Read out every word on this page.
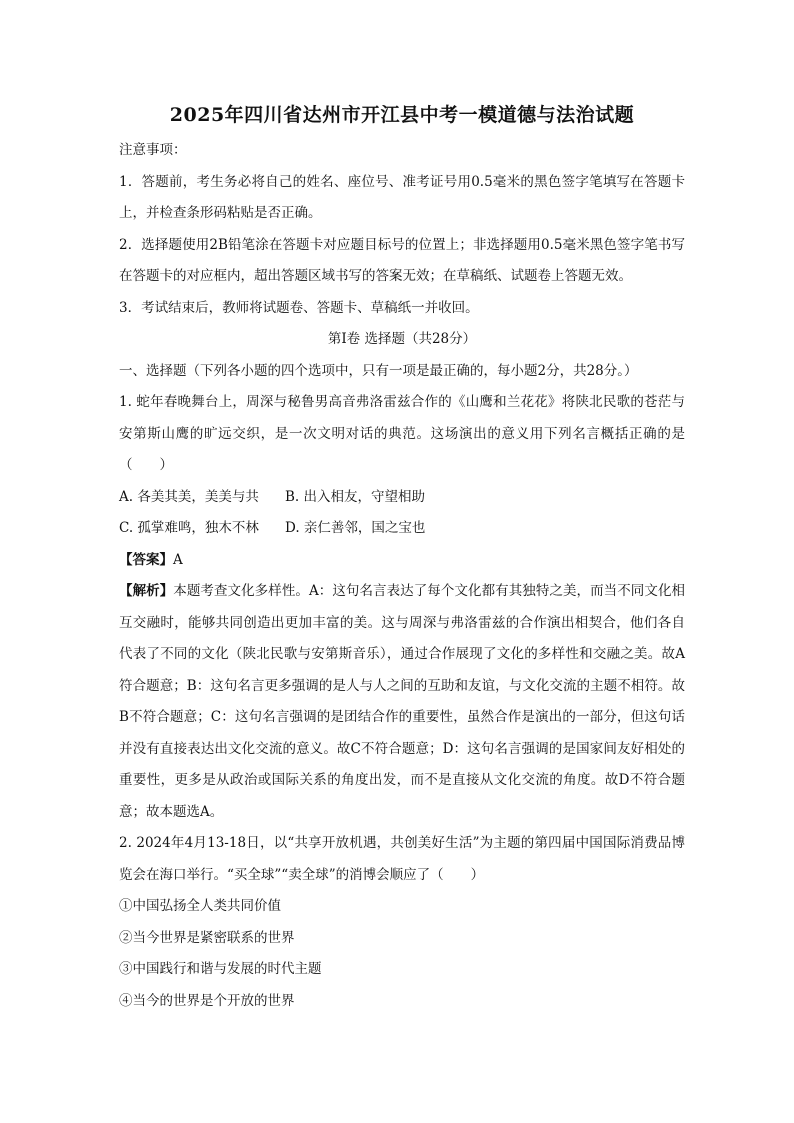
2025年四川省达州市开江县中考一模道德与法治试题
注意事项：
1．答题前，考生务必将自己的姓名、座位号、准考证号用0.5毫米的黑色签字笔填写在答题卡上，并检查条形码粘贴是否正确。
2．选择题使用2B铅笔涂在答题卡对应题目标号的位置上；非选择题用0.5毫米黑色签字笔书写在答题卡的对应框内，超出答题区域书写的答案无效；在草稿纸、试题卷上答题无效。
3．考试结束后，教师将试题卷、答题卡、草稿纸一并收回。
第Ⅰ卷 选择题（共28分）
一、选择题（下列各小题的四个选项中，只有一项是最正确的，每小题2分，共28分。）
1. 蛇年春晚舞台上，周深与秘鲁男高音弗洛雷兹合作的《山鹰和兰花花》将陕北民歌的苍茫与安第斯山鹰的旷远交织，是一次文明对话的典范。这场演出的意义用下列名言概括正确的是（　　）
A. 各美其美，美美与共	B. 出入相友，守望相助
C. 孤掌难鸣，独木不林	D. 亲仁善邻，国之宝也
【答案】A
【解析】本题考查文化多样性。A：这句名言表达了每个文化都有其独特之美，而当不同文化相互交融时，能够共同创造出更加丰富的美。这与周深与弗洛雷兹的合作演出相契合，他们各自代表了不同的文化（陕北民歌与安第斯音乐），通过合作展现了文化的多样性和交融之美。故A符合题意；B：这句名言更多强调的是人与人之间的互助和友谊，与文化交流的主题不相符。故B不符合题意；C：这句名言强调的是团结合作的重要性，虽然合作是演出的一部分，但这句话并没有直接表达出文化交流的意义。故C不符合题意；D：这句名言强调的是国家间友好相处的重要性，更多是从政治或国际关系的角度出发，而不是直接从文化交流的角度。故D不符合题意；故本题选A。
2. 2024年4月13-18日，以“共享开放机遇，共创美好生活”为主题的第四届中国国际消费品博览会在海口举行。“买全球”“卖全球”的消博会顺应了（　　）
①中国弘扬全人类共同价值
②当今世界是紧密联系的世界
③中国践行和谐与发展的时代主题
④当今的世界是个开放的世界
